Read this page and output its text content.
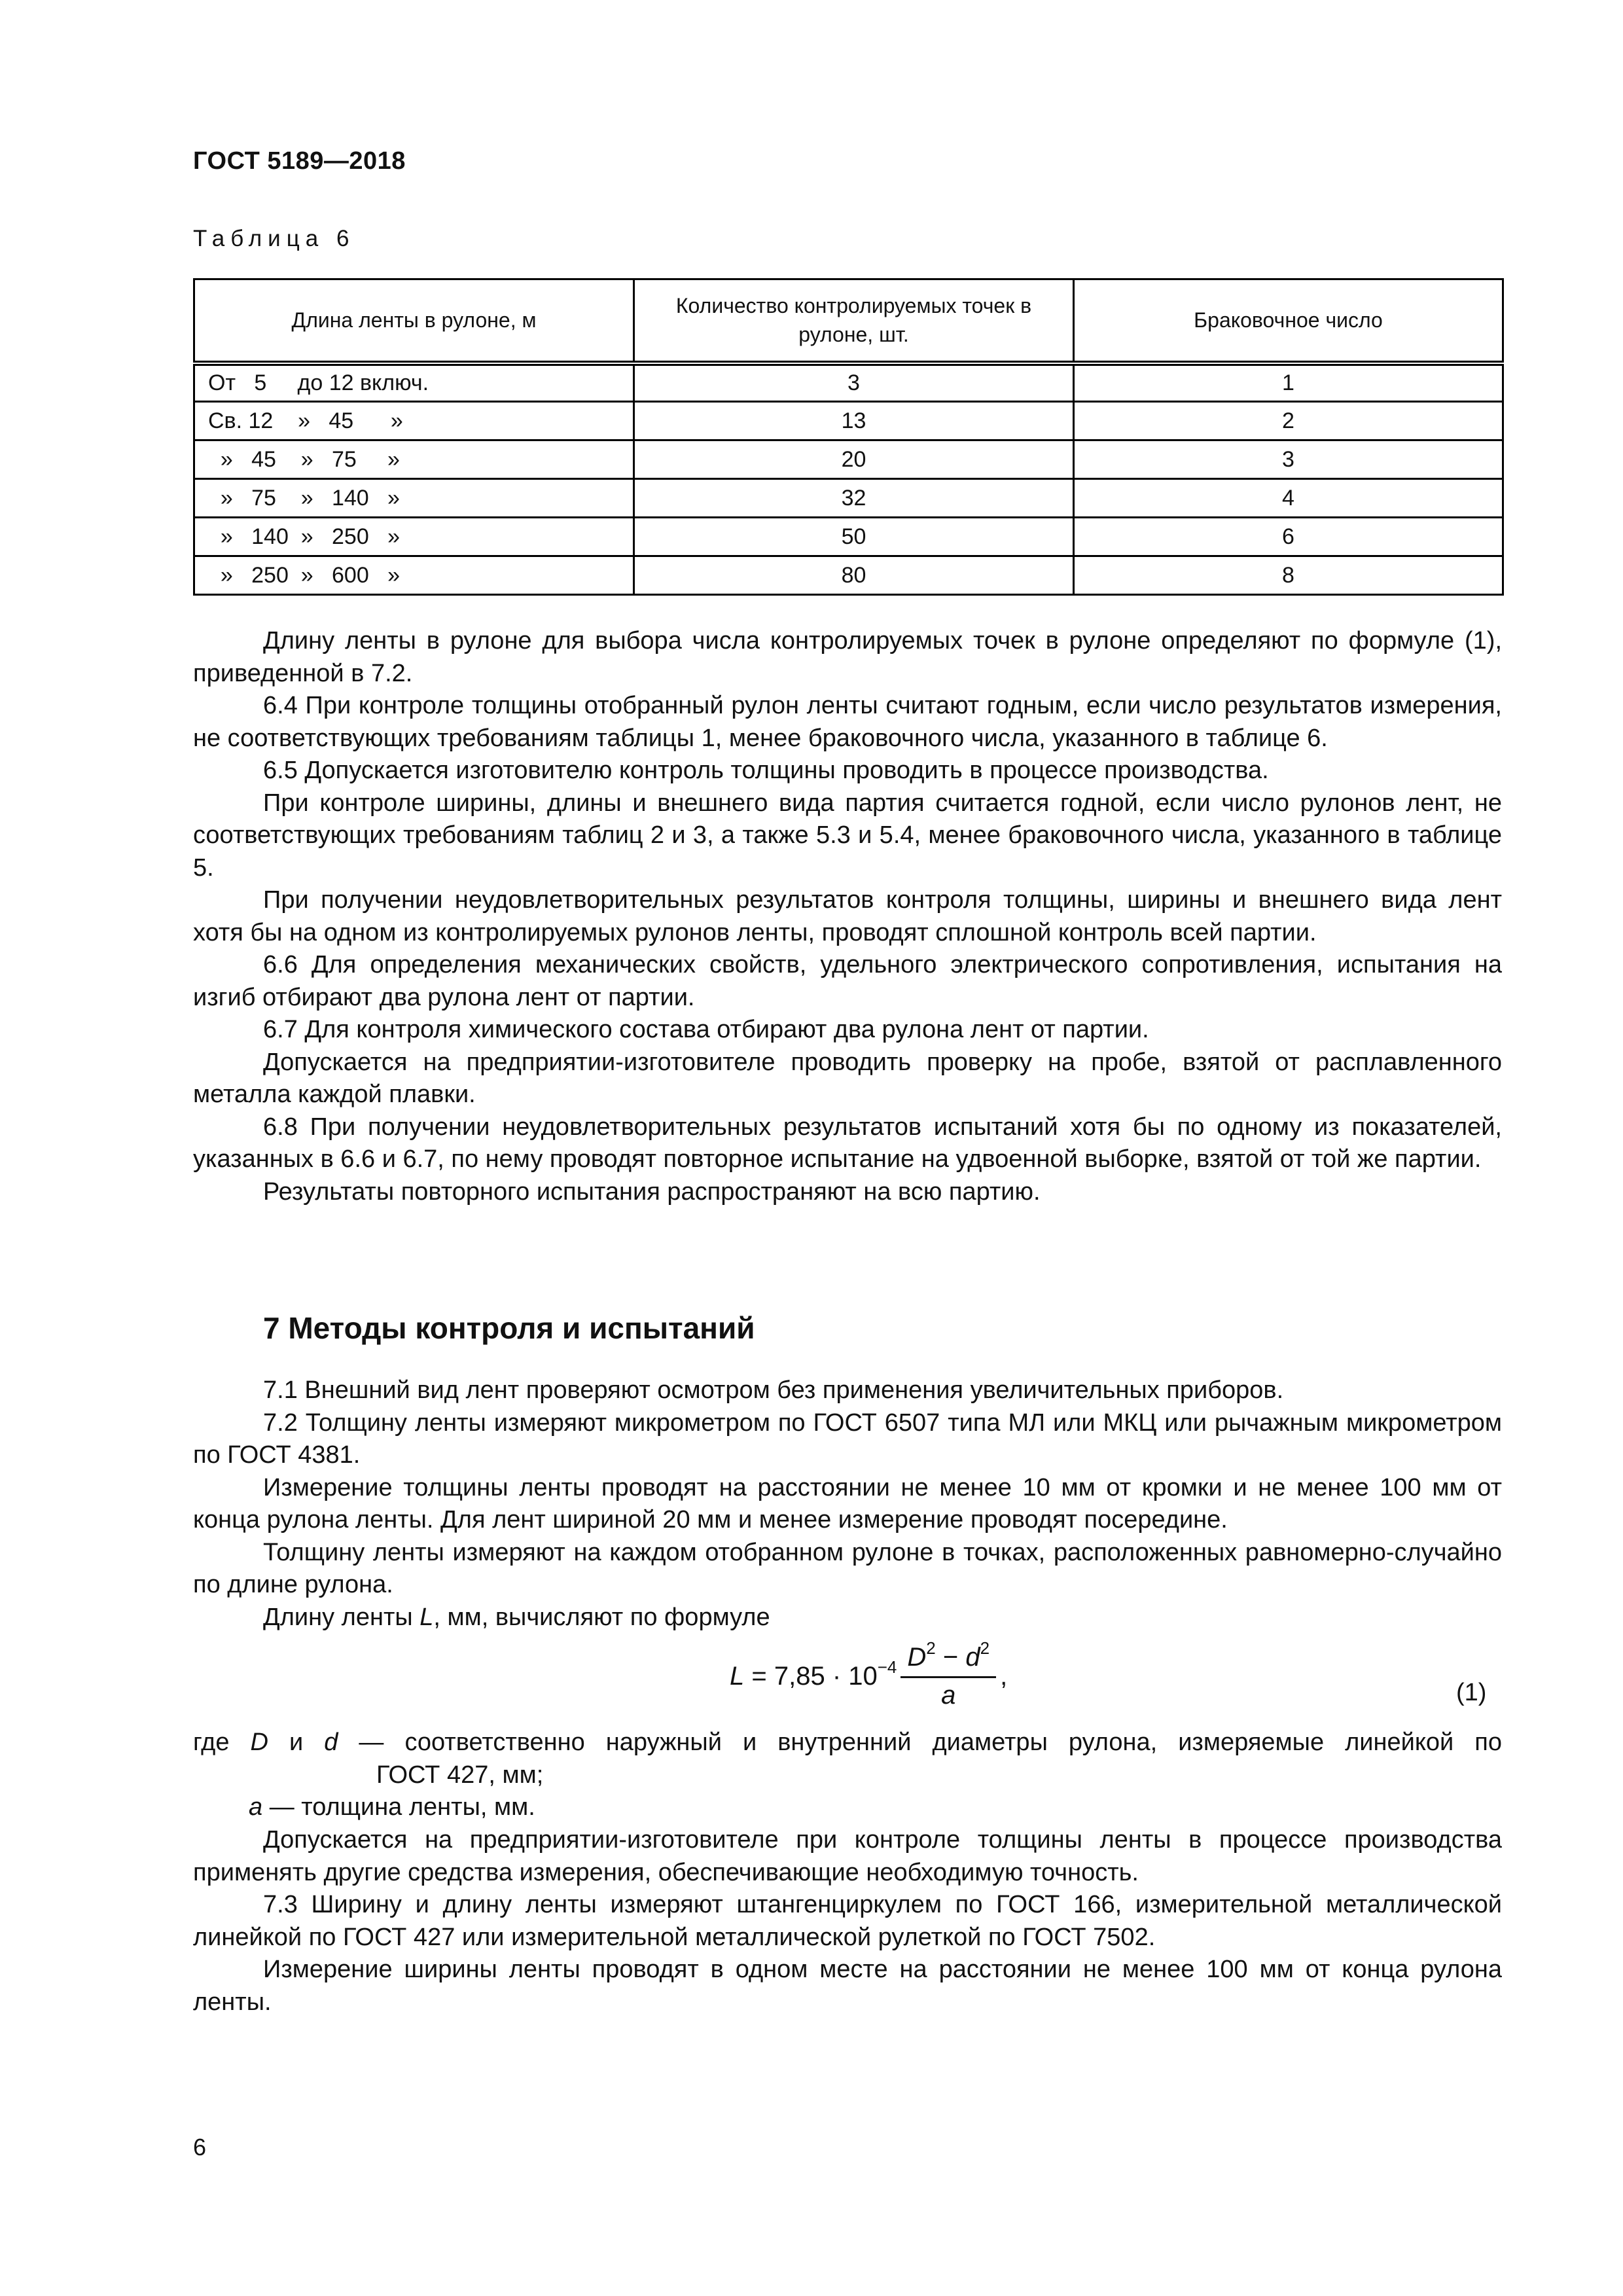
ГОСТ 5189—2018
Таблица 6
Длина ленты в рулоне, м	Количество контролируемых точек в рулоне, шт.	Браковочное число
От   5     до 12 включ.	3	1
Св. 12    »   45      »	13	2
»   45    »   75     »	20	3
»   75    »   140   »	32	4
»   140  »   250   »	50	6
»   250  »   600   »	80	8

Длину ленты в рулоне для выбора числа контролируемых точек в рулоне определяют по формуле (1), приведенной в 7.2.

6.4 При контроле толщины отобранный рулон ленты считают годным, если число результатов измерения, не соответствующих требованиям таблицы 1, менее браковочного числа, указанного в таблице 6.

6.5 Допускается изготовителю контроль толщины проводить в процессе производства.

При контроле ширины, длины и внешнего вида партия считается годной, если число рулонов лент, не соответствующих требованиям таблиц 2 и 3, а также 5.3 и 5.4, менее браковочного числа, указанного в таблице 5.

При получении неудовлетворительных результатов контроля толщины, ширины и внешнего вида лент хотя бы на одном из контролируемых рулонов ленты, проводят сплошной контроль всей партии.

6.6 Для определения механических свойств, удельного электрического сопротивления, испытания на изгиб отбирают два рулона лент от партии.

6.7 Для контроля химического состава отбирают два рулона лент от партии.

Допускается на предприятии-изготовителе проводить проверку на пробе, взятой от расплавленного металла каждой плавки.

6.8 При получении неудовлетворительных результатов испытаний хотя бы по одному из показателей, указанных в 6.6 и 6.7, по нему проводят повторное испытание на удвоенной выборке, взятой от той же партии.

Результаты повторного испытания распространяют на всю партию.

7 Методы контроля и испытаний

7.1 Внешний вид лент проверяют осмотром без применения увеличительных приборов.

7.2 Толщину ленты измеряют микрометром по ГОСТ 6507 типа МЛ или МКЦ или рычажным микрометром по ГОСТ 4381.

Измерение толщины ленты проводят на расстоянии не менее 10 мм от кромки и не менее 100 мм от конца рулона ленты. Для лент шириной 20 мм и менее измерение проводят посередине.

Толщину ленты измеряют на каждом отобранном рулоне в точках, расположенных равномерно-случайно по длине рулона.

Длину ленты L, мм, вычисляют по формуле

$L = 7,85 \cdot 10^{-4} \frac{D^2 - d^2}{a}$ ,
(1)
где D и d — соответственно наружный и внутренний диаметры рулона, измеряемые линейкой по
ГОСТ 427, мм;
a — толщина ленты, мм.

Допускается на предприятии-изготовителе при контроле толщины ленты в процессе производства применять другие средства измерения, обеспечивающие необходимую точность.

7.3 Ширину и длину ленты измеряют штангенциркулем по ГОСТ 166, измерительной металлической линейкой по ГОСТ 427 или измерительной металлической рулеткой по ГОСТ 7502.

Измерение ширины ленты проводят в одном месте на расстоянии не менее 100 мм от конца рулона ленты.

6
